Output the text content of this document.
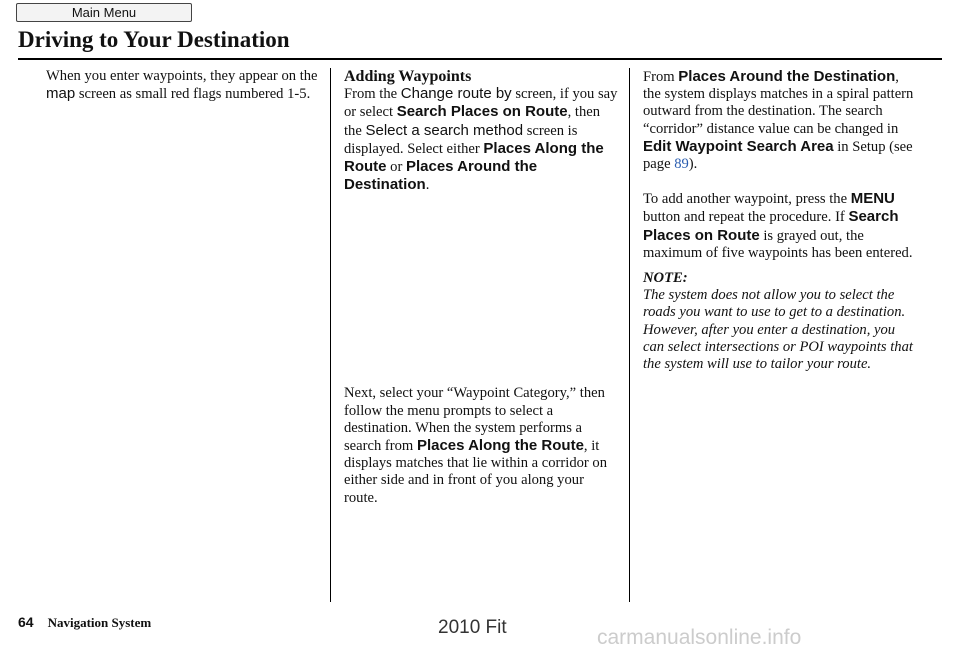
Main Menu
Driving to Your Destination

When you enter waypoints, they appear on the map screen as small red flags numbered 1-5.

Adding Waypoints

From the Change route by screen, if you say or select Search Places on Route, then the Select a search method screen is displayed. Select either Places Along the Route or Places Around the Destination.

Next, select your “Waypoint Category,” then follow the menu prompts to select a destination. When the system performs a search from Places Along the Route, it displays matches that lie within a corridor on either side and in front of you along your route.

From Places Around the Destination, the system displays matches in a spiral pattern outward from the destination. The search “corridor” distance value can be changed in Edit Waypoint Search Area in Setup (see page 89).

To add another waypoint, press the MENU button and repeat the procedure. If Search Places on Route is grayed out, the maximum of five waypoints has been entered.

NOTE:

The system does not allow you to select the roads you want to use to get to a destination. However, after you enter a destination, you can select intersections or POI waypoints that the system will use to tailor your route.

64 Navigation System	2010 Fit	carmanualsonline.info
